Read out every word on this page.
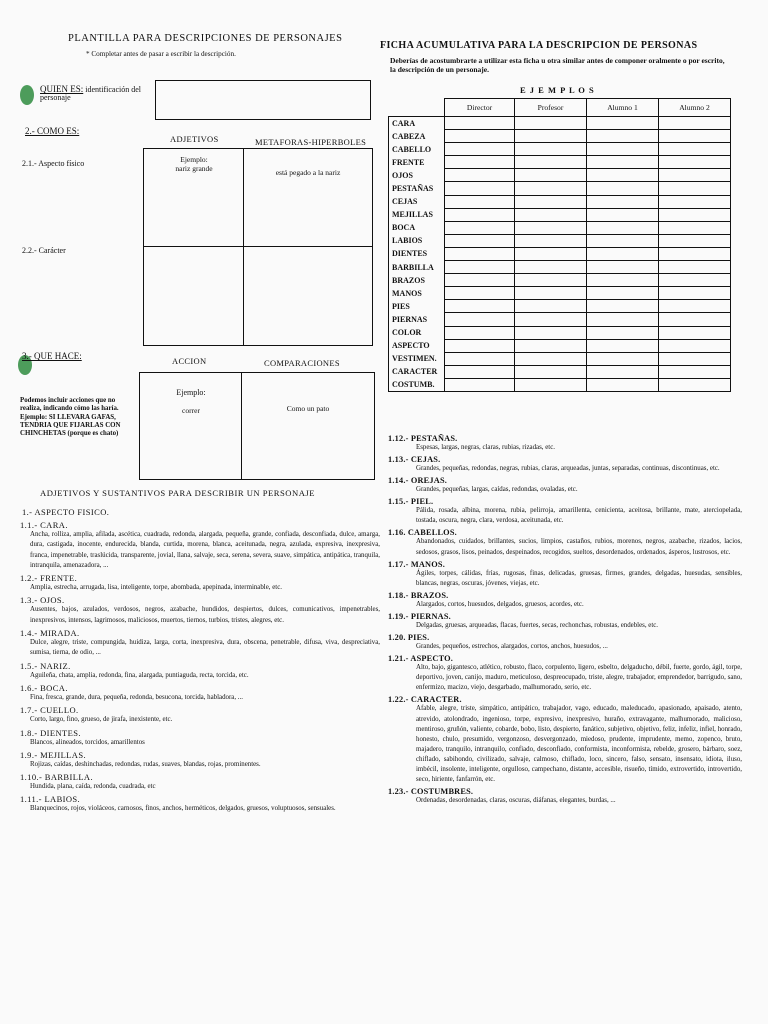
PLANTILLA PARA DESCRIPCIONES DE PERSONAJES
* Completar antes de pasar a escribir la descripción.
QUIEN ES: identificación del personaje
2.- COMO ES:
ADJETIVOS	METAFORAS-HIPERBOLES
2.1.- Aspecto físico
2.2.- Carácter
Ejemplo:
nariz grande	está pegado a la nariz
3.- QUE HACE:	ACCION	COMPARACIONES
Podemos incluir acciones que no realiza, indicando cómo las haría.
Ejemplo: SI LLEVARA GAFAS, TENDRIA QUE FIJARLAS CON CHINCHETAS (porque es chato)
Ejemplo:
correr	Como un pato
ADJETIVOS Y SUSTANTIVOS PARA DESCRIBIR UN PERSONAJE
1.- ASPECTO FISICO.
1.1.- CARA.
Ancha, rolliza, amplia, afilada, ascética, cuadrada, redonda, alargada, pequeña, grande, confiada, desconfiada, dulce, amarga, dura, castigada, inocente, endurecida, blanda, curtida, morena, blanca, aceitunada, negra, azulada, expresiva, inexpresiva, franca, impenetrable, traslúcida, transparente, jovial, llana, salvaje, seca, serena, severa, suave, simpática, antipática, tranquila, intranquila, amenazadora, ...
1.2.- FRENTE.
Amplia, estrecha, arrugada, lisa, inteligente, torpe, abombada, apepinada, interminable, etc.
1.3.- OJOS.
Ausentes, bajos, azulados, verdosos, negros, azabache, hundidos, despiertos, dulces, comunicativos, impenetrables, inexpresivos, intensos, lagrimosos, maliciosos, muertos, tiernos, turbios, tristes, alegres, etc.
1.4.- MIRADA.
Dulce, alegre, triste, compungida, huidiza, larga, corta, inexpresiva, dura, obscena, penetrable, difusa, viva, despreciativa, sumisa, tierna, de odio, ...
1.5.- NARIZ.
Aguileña, chata, amplia, redonda, fina, alargada, puntiaguda, recta, torcida, etc.
1.6.- BOCA.
Fina, fresca, grande, dura, pequeña, redonda, besucona, torcida, habladora, ...
1.7.- CUELLO.
Corto, largo, fino, grueso, de jirafa, inexistente, etc.
1.8.- DIENTES.
Blancos, alineados, torcidos, amarillentos
1.9.- MEJILLAS.
Rojizas, caídas, deshinchadas, redondas, rudas, suaves, blandas, rojas, prominentes.
1.10.- BARBILLA.
Hundida, plana, caída, redonda, cuadrada, etc
1.11.- LABIOS.
Blanquecinos, rojos, violáceos, carnosos, finos, anchos, herméticos, delgados, gruesos, voluptuosos, sensuales.
FICHA ACUMULATIVA PARA LA DESCRIPCION DE PERSONAS
Deberías de acostumbrarte a utilizar esta ficha u otra similar antes de componer oralmente o por escrito, la descripción de un personaje.
E J E M P L O S
	Director	Profesor	Alumno 1	Alumno 2
CARA				
CABEZA				
CABELLO				
FRENTE				
OJOS				
PESTAÑAS				
CEJAS				
MEJILLAS				
BOCA				
LABIOS				
DIENTES				
BARBILLA				
BRAZOS				
MANOS				
PIES				
PIERNAS				
COLOR				
ASPECTO				
VESTIMEN.				
CARACTER				
COSTUMB.				
1.12.- PESTAÑAS.
Espesas, largas, negras, claras, rubias, rizadas, etc.
1.13.- CEJAS.
Grandes, pequeñas, redondas, negras, rubias, claras, arqueadas, juntas, separadas, continuas, discontinuas, etc.
1.14.- OREJAS.
Grandes, pequeñas, largas, caídas, redondas, ovaladas, etc.
1.15.- PIEL.
Pálida, rosada, albina, morena, rubia, pelirroja, amarillenta, cenicienta, aceitosa, brillante, mate, aterciopelada, tostada, oscura, negra, clara, verdosa, aceitunada, etc.
1.16. CABELLOS.
Abandonados, cuidados, brillantes, sucios, limpios, castaños, rubios, morenos, negros, azabache, rizados, lacios, sedosos, grasos, lisos, peinados, despeinados, recogidos, sueltos, desordenados, ordenados, ásperos, lustrosos, etc.
1.17.- MANOS.
Ágiles, torpes, cálidas, frías, rugosas, finas, delicadas, gruesas, firmes, grandes, delgadas, huesudas, sensibles, blancas, negras, oscuras, jóvenes, viejas, etc.
1.18.- BRAZOS.
Alargados, cortos, huesudos, delgados, gruesos, acordes, etc.
1.19.- PIERNAS.
Delgadas, gruesas, arqueadas, flacas, fuertes, secas, rechonchas, robustas, endebles, etc.
1.20. PIES.
Grandes, pequeños, estrechos, alargados, cortos, anchos, huesudos, ...
1.21.- ASPECTO.
Alto, bajo, gigantesco, atlético, robusto, flaco, corpulento, ligero, esbelto, delgaducho, débil, fuerte, gordo, ágil, torpe, deportivo, joven, canijo, maduro, meticuloso, despreocupado, triste, alegre, trabajador, emprendedor, barrigudo, sano, enfermizo, macizo, viejo, desgarbado, malhumorado, serio, etc.
1.22.- CARACTER.
Afable, alegre, triste, simpático, antipático, trabajador, vago, educado, maleducado, apasionado, apaisado, atento, atrevido, atolondrado, ingenioso, torpe, expresivo, inexpresivo, huraño, extravagante, malhumorado, malicioso, mentiroso, gruñón, valiente, cobarde, bobo, listo, despierto, fanático, subjetivo, objetivo, feliz, infeliz, infiel, honrado, honesto, chulo, presumido, vergonzoso, desvergonzado, miedoso, prudente, imprudente, memo, zopenco, bruto, majadero, tranquilo, intranquilo, confiado, desconfiado, conformista, inconformista, rebelde, grosero, bárbaro, soez, chiflado, sabihondo, civilizado, salvaje, calmoso, chiflado, loco, sincero, falso, sensato, insensato, idiota, iluso, imbécil, insolente, inteligente, orgulloso, campechano, distante, accesible, risueño, tímido, extrovertido, introvertido, seco, hiriente, fanfarrón, etc.
1.23.- COSTUMBRES.
Ordenadas, desordenadas, claras, oscuras, diáfanas, elegantes, burdas, ...
